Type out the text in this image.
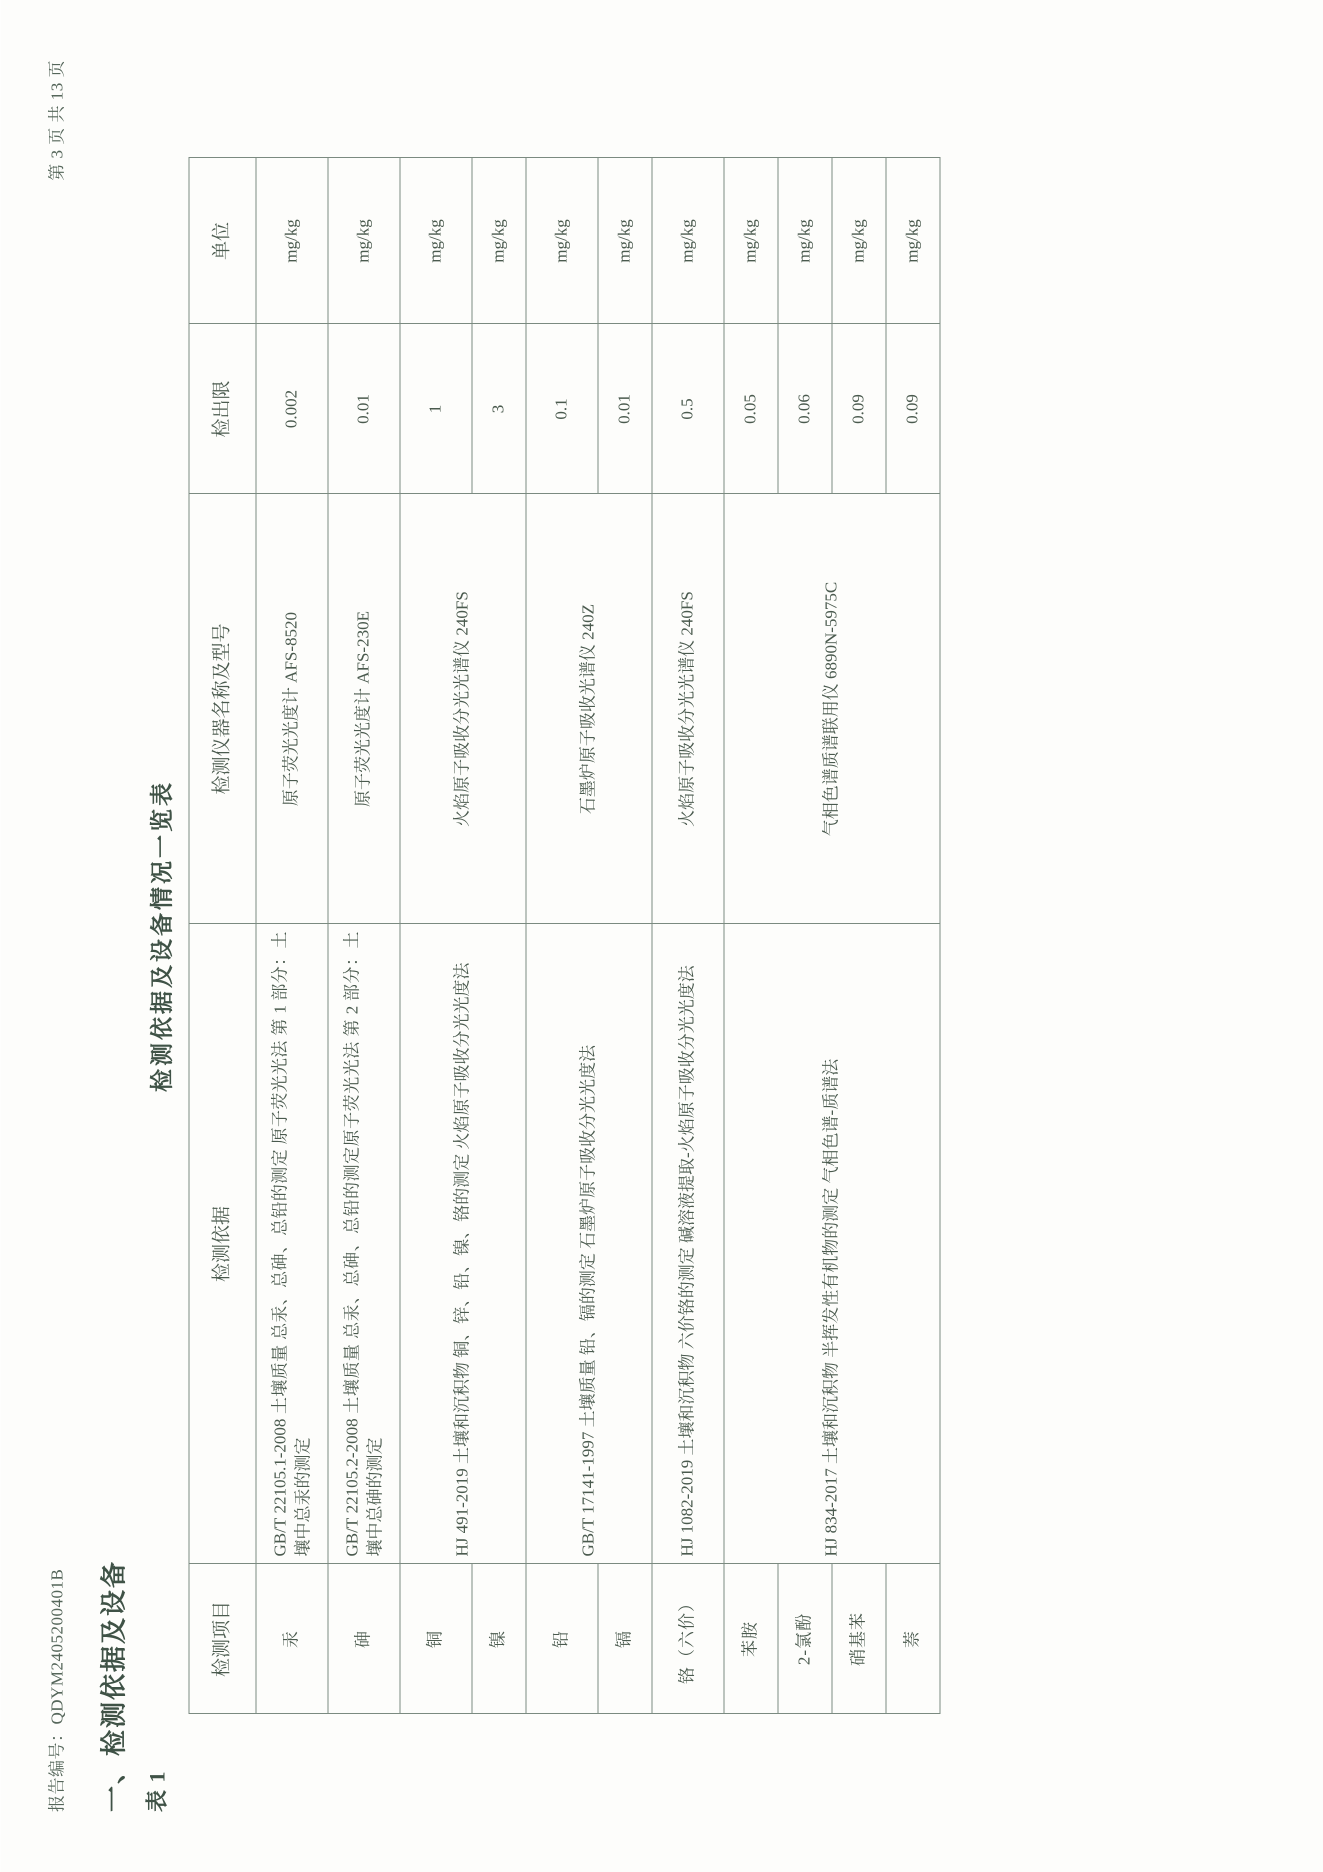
报告编号：QDYM2405200401B
第 3 页 共 13 页
一、检测依据及设备 表 1
检测依据及设备情况一览表
检测项目	检测依据	检测仪器名称及型号	检出限	单位
汞	GB/T 22105.1-2008 土壤质量 总汞、总砷、总铅的测定 原子荧光光法 第 1 部分：土壤中总汞的测定	原子荧光光度计 AFS-8520	0.002	mg/kg
砷	GB/T 22105.2-2008 土壤质量 总汞、总砷、总铅的测定原子荧光光法 第 2 部分：土壤中总砷的测定	原子荧光光度计 AFS-230E	0.01	mg/kg
铜	HJ 491-2019 土壤和沉积物 铜、锌、铅、镍、铬的测定 火焰原子吸收分光光度法	火焰原子吸收分光光谱仪 240FS	1	mg/kg
镍			3	mg/kg
铅	GB/T 17141-1997 土壤质量 铅、镉的测定 石墨炉原子吸收分光光度法	石墨炉原子吸收光谱仪 240Z	0.1	mg/kg
镉			0.01	mg/kg
铬（六价）	HJ 1082-2019 土壤和沉积物 六价铬的测定 碱溶液提取-火焰原子吸收分光光度法	火焰原子吸收分光光谱仪 240FS	0.5	mg/kg
苯胺	HJ 834-2017 土壤和沉积物 半挥发性有机物的测定 气相色谱-质谱法	气相色谱质谱联用仪 6890N-5975C	0.05	mg/kg
2-氯酚			0.06	mg/kg
硝基苯			0.09	mg/kg
萘			0.09	mg/kg
